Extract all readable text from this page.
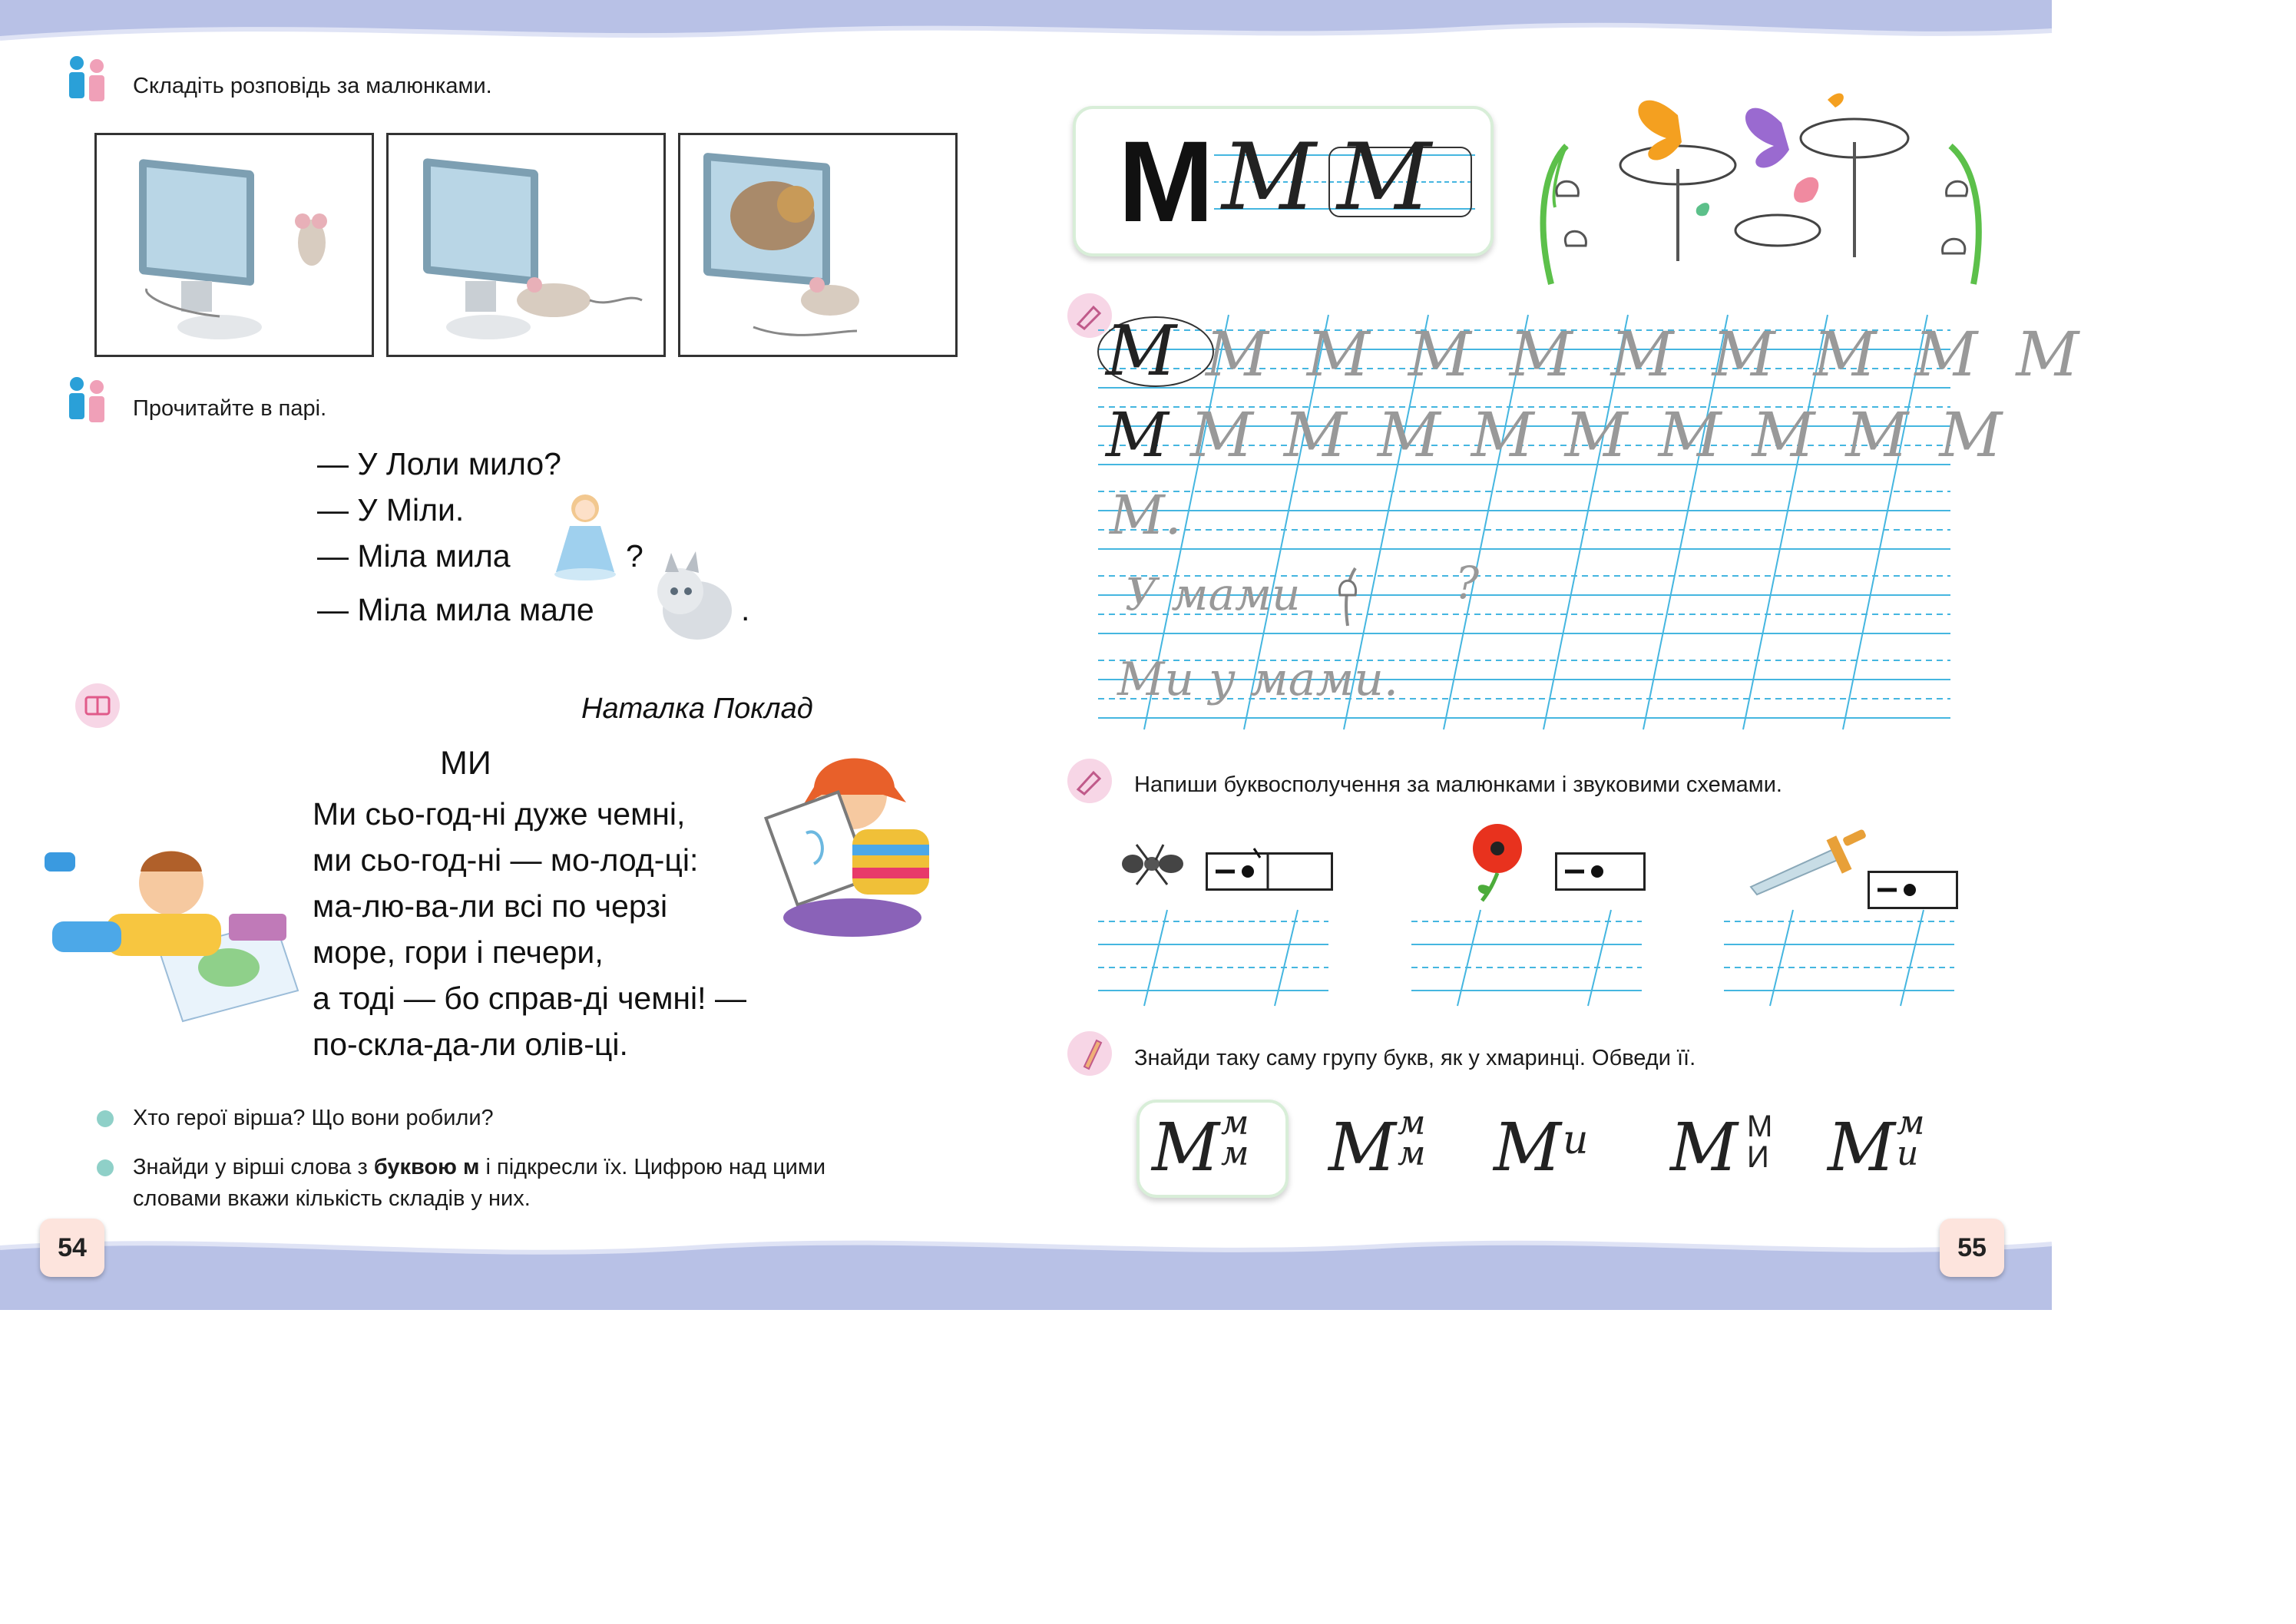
Складіть розповідь за малюнками.
Прочитайте в парі.
— У Лоли мило?
— У Міли.
— Міла мила	?
— Міла мила мале	.
Наталка Поклад
МИ
Ми сьо-год-ні дуже чемні,
ми сьо-год-ні — мо-лод-ці:
ма-лю-ва-ли всі по черзі
море, гори і печери,
а тоді — бо справ-ді чемні! —
по-скла-да-ли олів-ці.
Хто герої вірша? Що вони робили?
Знайди у вірші слова з буквою м і підкресли їх. Цифрою над цими
словами вкажи кількість складів у них.
54
М М М
М МММММММММ
М МММММММММ
М.
У мами	?
Ми у мами.
Напиши буквосполучення за малюнками і звуковими схемами.
Знайди таку саму групу букв, як у хмаринці. Обведи її.
М м
м М м
м М и М М
И М м
и
55
